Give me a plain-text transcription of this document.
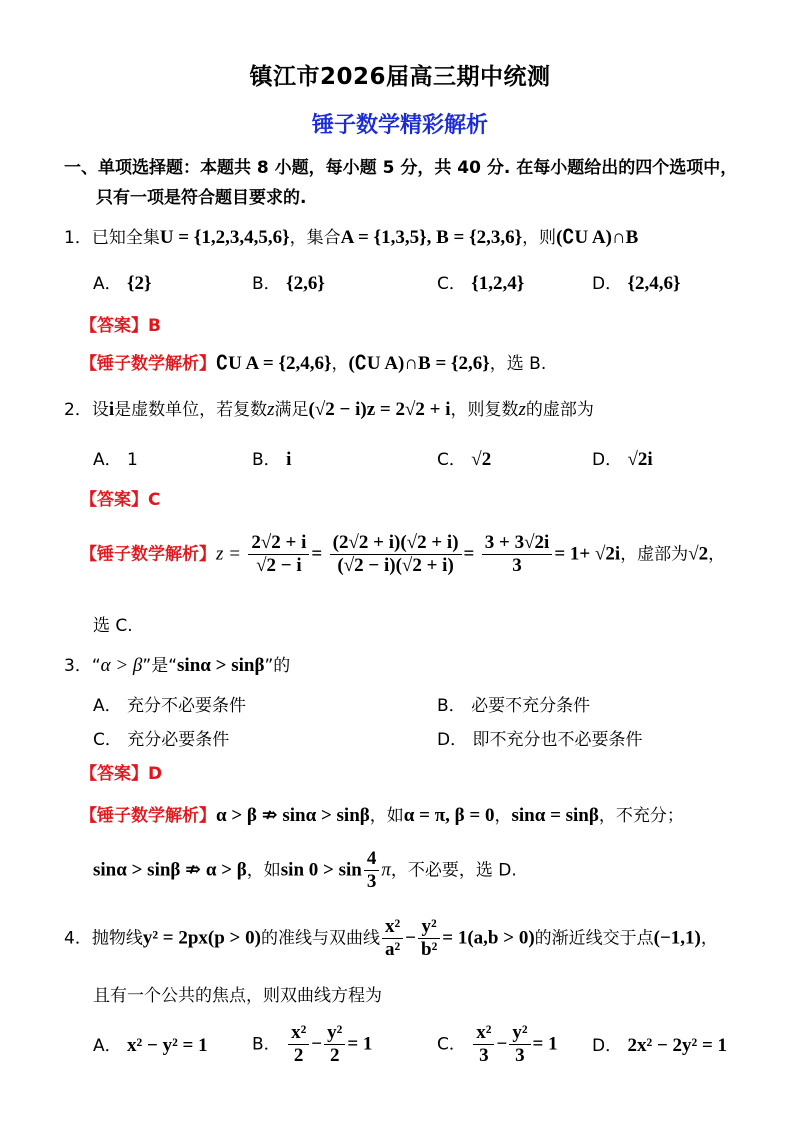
镇江市2026届高三期中统测
锤子数学精彩解析
一、单项选择题：本题共 8 小题，每小题 5 分，共 40 分. 在每小题给出的四个选项中，
只有一项是符合题目要求的.
1．已知全集U = {1,2,3,4,5,6}，集合A = {1,3,5}, B = {2,3,6}，则(∁U A)∩B
A． {2}	B． {2,6}	C． {1,2,4}	D． {2,4,6}
【答案】B
【锤子数学解析】∁U A = {2,4,6}，(∁U A)∩B = {2,6}，选 B.
2．设i是虚数单位，若复数z满足(√2 − i)z = 2√2 + i，则复数z的虚部为
A． 1	B． i	C． √2	D． √2i
【答案】C
【锤子数学解析】$z = \frac{2√2 + i}{√2 - i} = \frac{(2√2 + i)(√2 + i)}{(√2 - i)(√2 + i)} = \frac{3 + 3√2i}{3} = 1+ √2i$，虚部为√2，
选 C.
3．“α > β”是“sinα > sinβ”的
A． 充分不必要条件	B． 必要不充分条件
C． 充分必要条件	D． 即不充分也不必要条件
【答案】D
【锤子数学解析】α > β ⇏ sinα > sinβ，如α = π, β = 0，sinα = sinβ，不充分；
sinα > sinβ ⇏ α > β，如$\sin 0 > \sin \frac{4}{3}$ π，不必要，选 D.
4．抛物线y² = 2px(p > 0)的准线与双曲线 $\frac{\text{x²}}{\text{a²}} - \frac{\text{y²}}{\text{b²}} = 1(a,b > 0)$的渐近线交于点(−1,1)，
且有一个公共的焦点，则双曲线方程为
A． x² − y² = 1	B． $\frac{\text{x²}}{2} - \frac{\text{y²}}{2} = 1$	C． $\frac{\text{x²}}{3} - \frac{\text{y²}}{3} = 1$ D． 2x² − 2y² = 1
